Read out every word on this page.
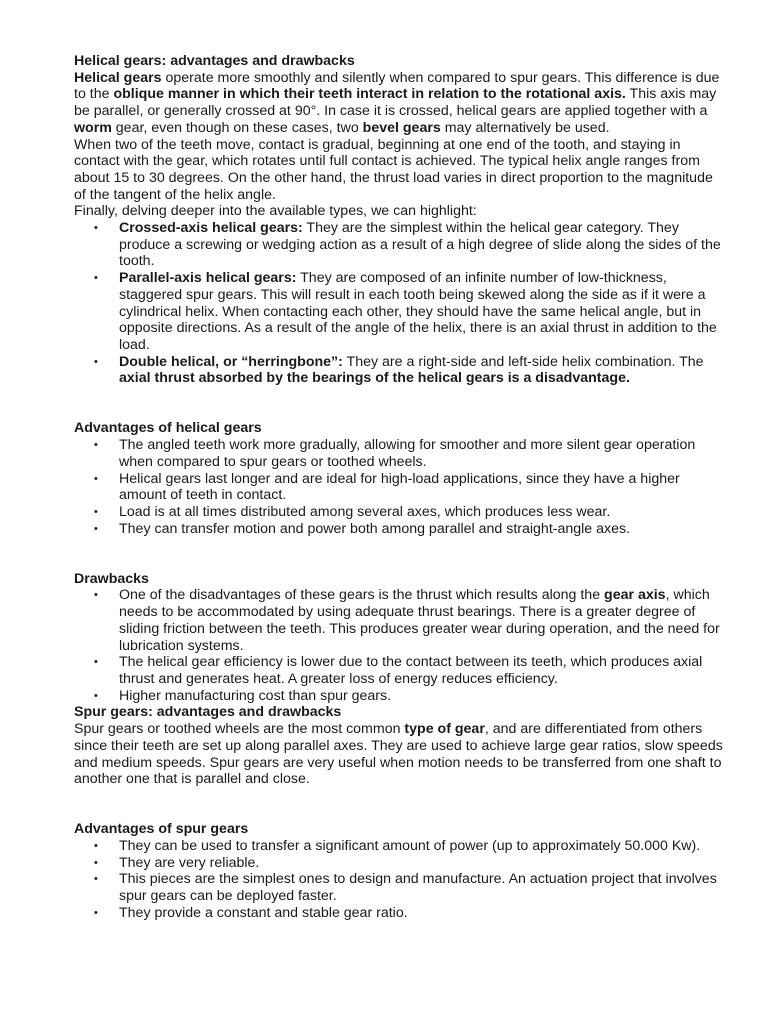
Helical gears: advantages and drawbacks

Helical gears operate more smoothly and silently when compared to spur gears. This difference is due to the oblique manner in which their teeth interact in relation to the rotational axis. This axis may be parallel, or generally crossed at 90°. In case it is crossed, helical gears are applied together with a worm gear, even though on these cases, two bevel gears may alternatively be used.

When two of the teeth move, contact is gradual, beginning at one end of the tooth, and staying in contact with the gear, which rotates until full contact is achieved. The typical helix angle ranges from about 15 to 30 degrees. On the other hand, the thrust load varies in direct proportion to the magnitude of the tangent of the helix angle.

Finally, delving deeper into the available types, we can highlight:

• Crossed-axis helical gears: They are the simplest within the helical gear category. They produce a screwing or wedging action as a result of a high degree of slide along the sides of the tooth.
• Parallel-axis helical gears: They are composed of an infinite number of low-thickness, staggered spur gears. This will result in each tooth being skewed along the side as if it were a cylindrical helix. When contacting each other, they should have the same helical angle, but in opposite directions. As a result of the angle of the helix, there is an axial thrust in addition to the load.
• Double helical, or “herringbone”: They are a right-side and left-side helix combination. The axial thrust absorbed by the bearings of the helical gears is a disadvantage.
Advantages of helical gears
• The angled teeth work more gradually, allowing for smoother and more silent gear operation when compared to spur gears or toothed wheels.
• Helical gears last longer and are ideal for high-load applications, since they have a higher amount of teeth in contact.
• Load is at all times distributed among several axes, which produces less wear.
• They can transfer motion and power both among parallel and straight-angle axes.
Drawbacks
• One of the disadvantages of these gears is the thrust which results along the gear axis, which needs to be accommodated by using adequate thrust bearings. There is a greater degree of sliding friction between the teeth. This produces greater wear during operation, and the need for lubrication systems.
• The helical gear efficiency is lower due to the contact between its teeth, which produces axial thrust and generates heat. A greater loss of energy reduces efficiency.
• Higher manufacturing cost than spur gears.
Spur gears: advantages and drawbacks

Spur gears or toothed wheels are the most common type of gear, and are differentiated from others since their teeth are set up along parallel axes. They are used to achieve large gear ratios, slow speeds and medium speeds. Spur gears are very useful when motion needs to be transferred from one shaft to another one that is parallel and close.

Advantages of spur gears
• They can be used to transfer a significant amount of power (up to approximately 50.000 Kw).
• They are very reliable.
• This pieces are the simplest ones to design and manufacture. An actuation project that involves spur gears can be deployed faster.
• They provide a constant and stable gear ratio.
